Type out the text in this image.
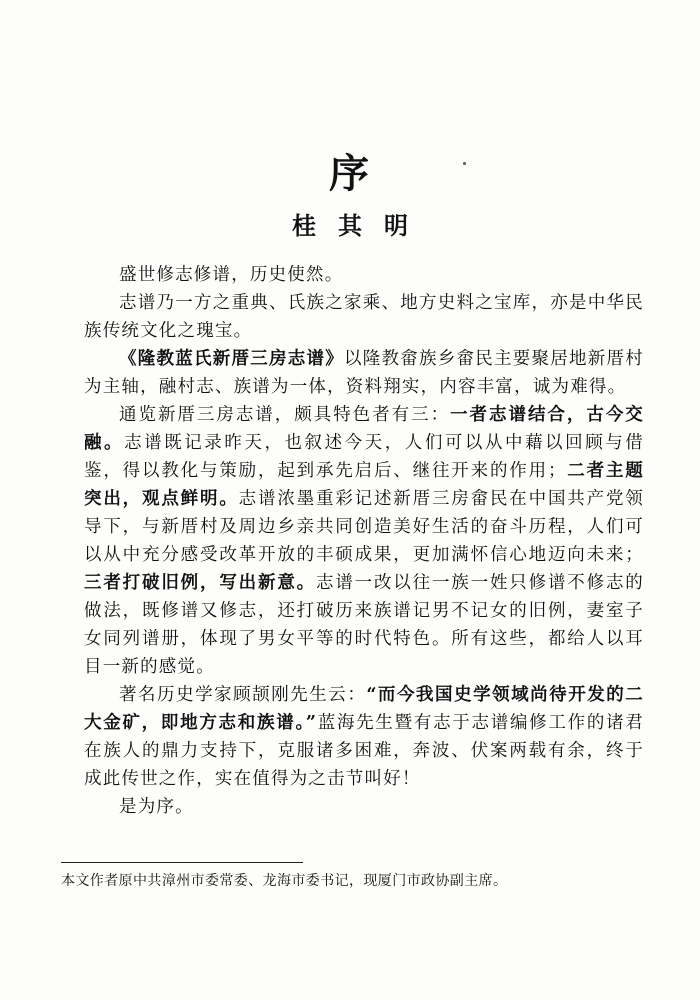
序
桂其明

盛世修志修谱，历史使然。

志谱乃一方之重典、氏族之家乘、地方史料之宝库，亦是中华民族传统文化之瑰宝。

《隆教蓝氏新厝三房志谱》以隆教畲族乡畲民主要聚居地新厝村为主轴，融村志、族谱为一体，资料翔实，内容丰富，诚为难得。

通览新厝三房志谱，颇具特色者有三：一者志谱结合，古今交融。志谱既记录昨天，也叙述今天，人们可以从中藉以回顾与借鉴，得以教化与策励，起到承先启后、继往开来的作用；二者主题突出，观点鲜明。志谱浓墨重彩记述新厝三房畲民在中国共产党领导下，与新厝村及周边乡亲共同创造美好生活的奋斗历程，人们可以从中充分感受改革开放的丰硕成果，更加满怀信心地迈向未来；三者打破旧例，写出新意。志谱一改以往一族一姓只修谱不修志的做法，既修谱又修志，还打破历来族谱记男不记女的旧例，妻室子女同列谱册，体现了男女平等的时代特色。所有这些，都给人以耳目一新的感觉。

著名历史学家顾颉刚先生云：“而今我国史学领域尚待开发的二大金矿，即地方志和族谱。”蓝海先生暨有志于志谱编修工作的诸君在族人的鼎力支持下，克服诸多困难，奔波、伏案两载有余，终于成此传世之作，实在值得为之击节叫好！

是为序。

本文作者原中共漳州市委常委、龙海市委书记，现厦门市政协副主席。
